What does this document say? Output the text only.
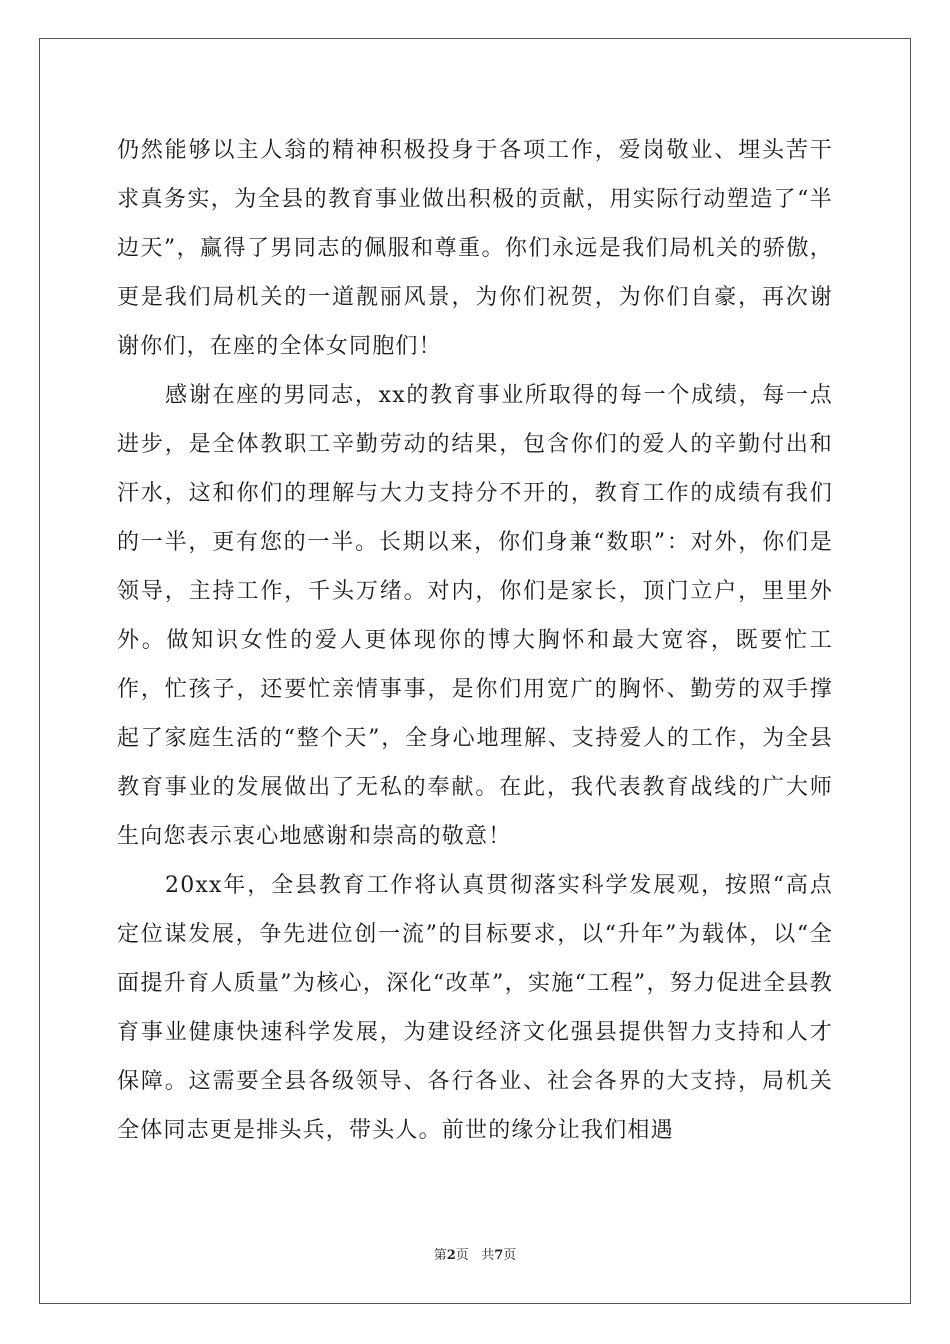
仍然能够以主人翁的精神积极投身于各项工作，爱岗敬业、埋头苦干求真务实，为全县的教育事业做出积极的贡献，用实际行动塑造了“半边天”，赢得了男同志的佩服和尊重。你们永远是我们局机关的骄傲，更是我们局机关的一道靓丽风景，为你们祝贺，为你们自豪，再次谢谢你们，在座的全体女同胞们！

感谢在座的男同志，xx的教育事业所取得的每一个成绩，每一点进步，是全体教职工辛勤劳动的结果，包含你们的爱人的辛勤付出和汗水，这和你们的理解与大力支持分不开的，教育工作的成绩有我们的一半，更有您的一半。长期以来，你们身兼“数职”：对外，你们是领导，主持工作，千头万绪。对内，你们是家长，顶门立户，里里外外。做知识女性的爱人更体现你的博大胸怀和最大宽容，既要忙工作，忙孩子，还要忙亲情事事，是你们用宽广的胸怀、勤劳的双手撑起了家庭生活的“整个天”，全身心地理解、支持爱人的工作，为全县教育事业的发展做出了无私的奉献。在此，我代表教育战线的广大师生向您表示衷心地感谢和崇高的敬意！

20xx年，全县教育工作将认真贯彻落实科学发展观，按照“高点定位谋发展，争先进位创一流”的目标要求，以“升年”为载体，以“全面提升育人质量”为核心，深化“改革”，实施“工程”，努力促进全县教育事业健康快速科学发展，为建设经济文化强县提供智力支持和人才保障。这需要全县各级领导、各行各业、社会各界的大支持，局机关全体同志更是排头兵，带头人。前世的缘分让我们相遇

第2页 共7页
